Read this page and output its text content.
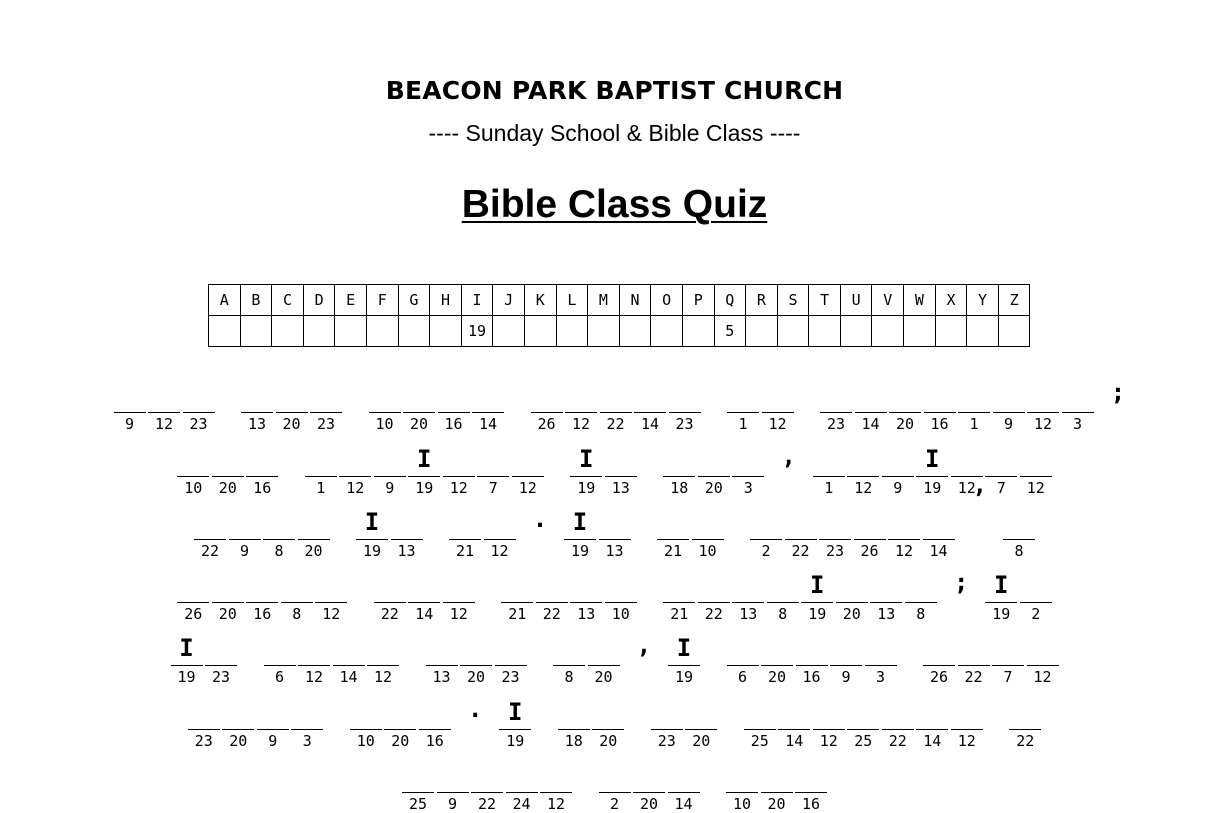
BEACON PARK BAPTIST CHURCH
---- Sunday School & Bible Class ----
Bible Class Quiz
A	B	C	D	E	F	G	H	I	J	K	L	M	N	O	P	Q	R	S	T	U	V	W	X	Y	Z
								19								5									
9 12 23	13 20 23	10 20 16 14	26 12 22 14 23	1 12	23 14 20 16 1 9 12 3
;
10 20 16	1 12 9
I
19 12 7 12
I
19 13	18 20 3
,
1 12 9
I
19 12 7 12
22 9 8 20
I
19 13	21 12
.	I
19 13	21 10	2 22 23 26 12 14
’
8
26 20 16 8 12	22 14 12	21 22 13 10	21 22 13 8
I
19 20 13 8
;	I
19 2
I
19 23	6 12 14 12	13 20 23	8 20
,	I
19	6 20 16 9 3	26 22 7 12
23 20 9 3	10 20 16
.	I
19	18 20	23 20	25 14 12 25 22 14 12	22
25 9 22 24 12	2 20 14	10 20 16
